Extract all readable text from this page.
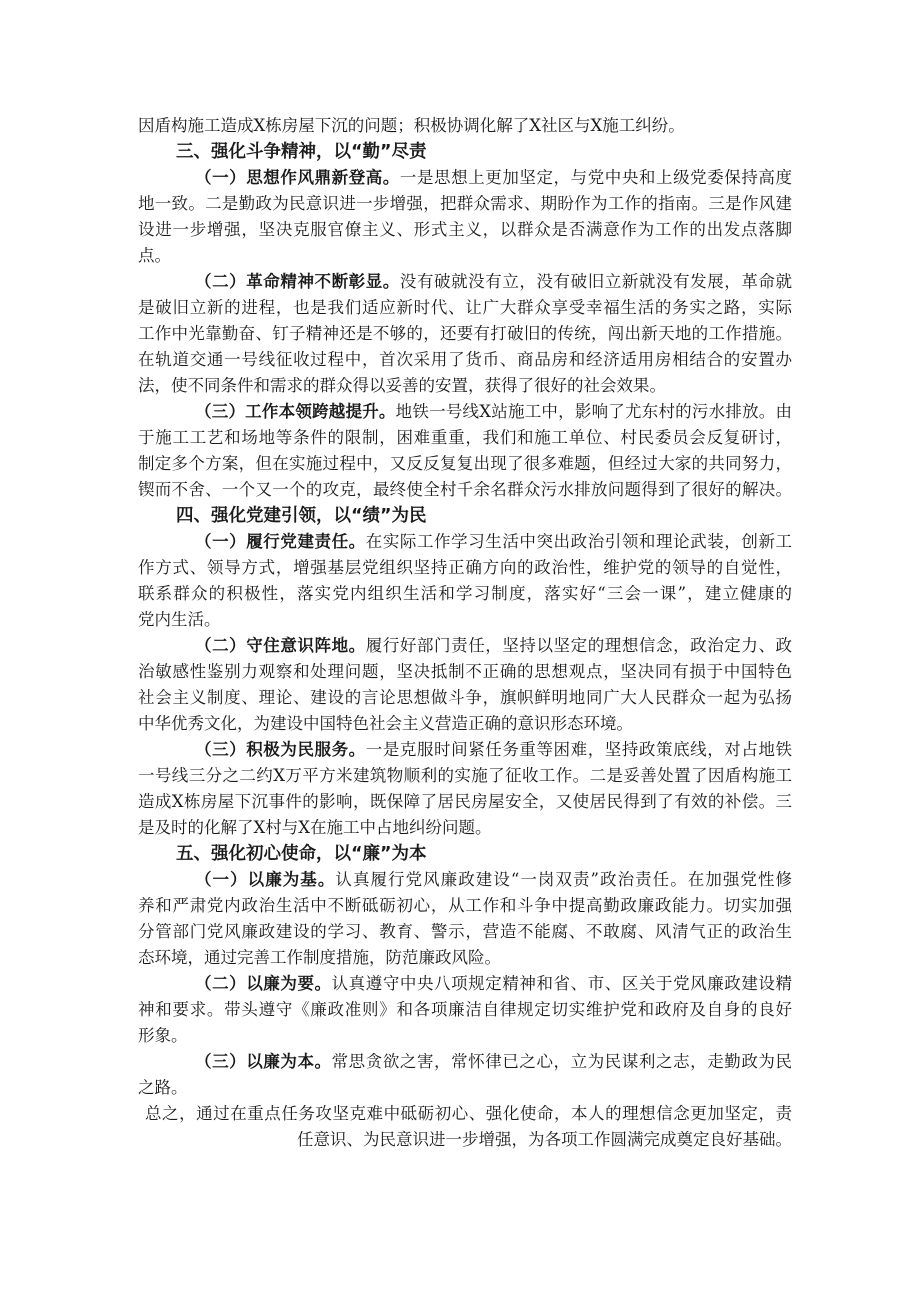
因盾构施工造成X栋房屋下沉的问题；积极协调化解了X社区与X施工纠纷。

三、强化斗争精神，以“勤”尽责

（一）思想作风鼎新登高。一是思想上更加坚定，与党中央和上级党委保持高度

地一致。二是勤政为民意识进一步增强，把群众需求、期盼作为工作的指南。三是作风建

设进一步增强，坚决克服官僚主义、形式主义，以群众是否满意作为工作的出发点落脚

点。

（二）革命精神不断彰显。没有破就没有立，没有破旧立新就没有发展，革命就

是破旧立新的进程，也是我们适应新时代、让广大群众享受幸福生活的务实之路，实际

工作中光靠勤奋、钉子精神还是不够的，还要有打破旧的传统，闯出新天地的工作措施。

在轨道交通一号线征收过程中，首次采用了货币、商品房和经济适用房相结合的安置办

法，使不同条件和需求的群众得以妥善的安置，获得了很好的社会效果。

（三）工作本领跨越提升。地铁一号线X站施工中，影响了尤东村的污水排放。由

于施工工艺和场地等条件的限制，困难重重，我们和施工单位、村民委员会反复研讨，

制定多个方案，但在实施过程中，又反反复复出现了很多难题，但经过大家的共同努力，

锲而不舍、一个又一个的攻克，最终使全村千余名群众污水排放问题得到了很好的解决。

四、强化党建引领，以“绩”为民

（一）履行党建责任。在实际工作学习生活中突出政治引领和理论武装，创新工

作方式、领导方式，增强基层党组织坚持正确方向的政治性，维护党的领导的自觉性，

联系群众的积极性，落实党内组织生活和学习制度，落实好“三会一课”，建立健康的

党内生活。

（二）守住意识阵地。履行好部门责任，坚持以坚定的理想信念，政治定力、政

治敏感性鉴别力观察和处理问题，坚决抵制不正确的思想观点，坚决同有损于中国特色

社会主义制度、理论、建设的言论思想做斗争，旗帜鲜明地同广大人民群众一起为弘扬

中华优秀文化，为建设中国特色社会主义营造正确的意识形态环境。

（三）积极为民服务。一是克服时间紧任务重等困难，坚持政策底线，对占地铁

一号线三分之二约X万平方米建筑物顺利的实施了征收工作。二是妥善处置了因盾构施工

造成X栋房屋下沉事件的影响，既保障了居民房屋安全，又使居民得到了有效的补偿。三

是及时的化解了X村与X在施工中占地纠纷问题。

五、强化初心使命，以“廉”为本

（一）以廉为基。认真履行党风廉政建设“一岗双责”政治责任。在加强党性修

养和严肃党内政治生活中不断砥砺初心，从工作和斗争中提高勤政廉政能力。切实加强

分管部门党风廉政建设的学习、教育、警示，营造不能腐、不敢腐、风清气正的政治生

态环境，通过完善工作制度措施，防范廉政风险。

（二）以廉为要。认真遵守中央八项规定精神和省、市、区关于党风廉政建设精

神和要求。带头遵守《廉政准则》和各项廉洁自律规定切实维护党和政府及自身的良好

形象。

（三）以廉为本。常思贪欲之害，常怀律已之心，立为民谋利之志，走勤政为民

之路。

总之，通过在重点任务攻坚克难中砥砺初心、强化使命，本人的理想信念更加坚定，责

任意识、为民意识进一步增强，为各项工作圆满完成奠定良好基础。
